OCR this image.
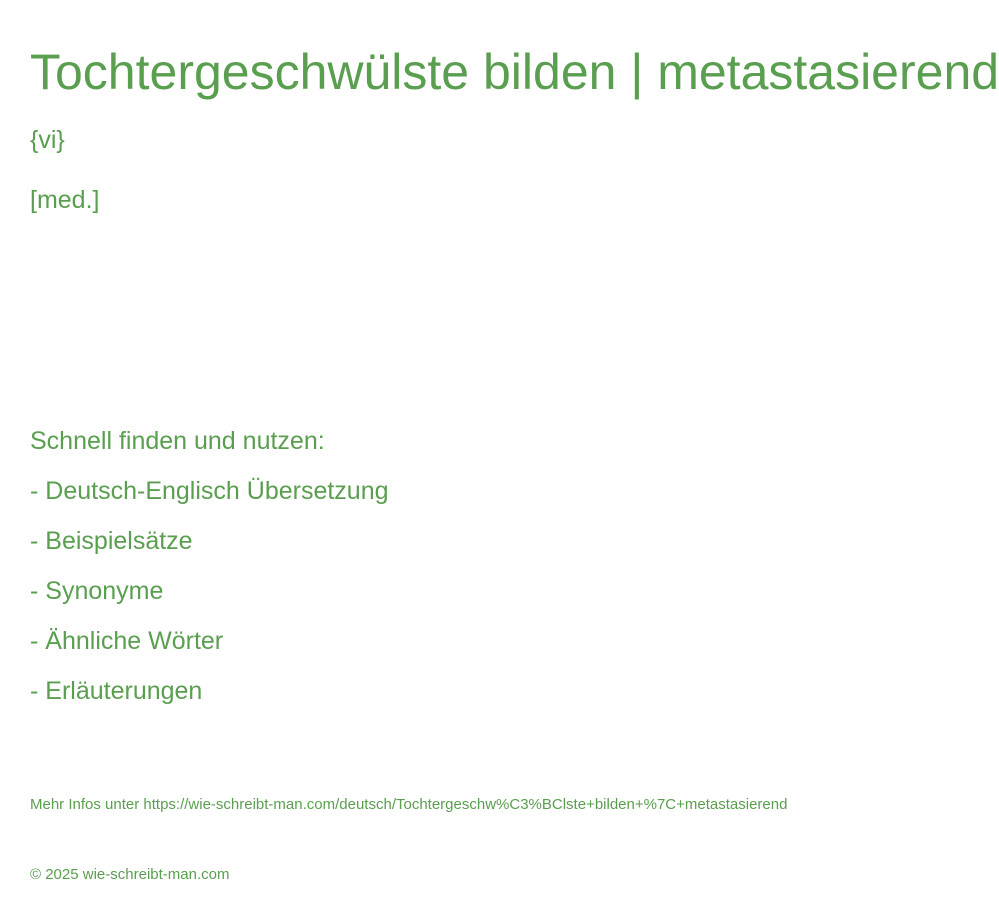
Tochtergeschwülste bilden | metastasierend
{vi}
[med.]

Schnell finden und nutzen:

- Deutsch-Englisch Übersetzung
- Beispielsätze
- Synonyme
- Ähnliche Wörter
- Erläuterungen
Mehr Infos unter https://wie-schreibt-man.com/deutsch/Tochtergeschw%C3%BClste+bilden+%7C+metastasierend
© 2025 wie-schreibt-man.com
